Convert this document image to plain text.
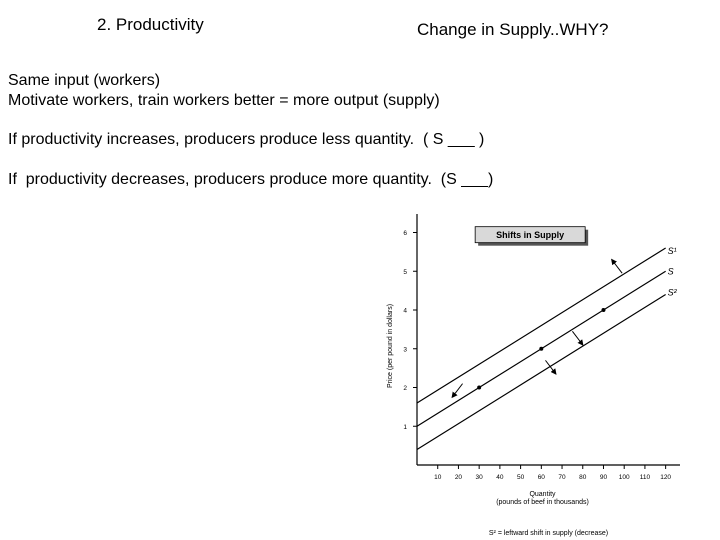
2. Productivity	Change in Supply..WHY?
Same input (workers)
Motivate workers, train workers better = more output (supply)
If productivity increases, producers produce less quantity.  ( S ___ )
If  productivity decreases, producers produce more quantity.  (S ___)
1
2
3
4
5
6
10 20 30 40 50 60 70 80 90 100 110 120
Quantity
(pounds of beef in thousands)
Price (per pound in dollars)
Shifts in Supply
S¹
S
S²
S² = leftward shift in supply (decrease)
